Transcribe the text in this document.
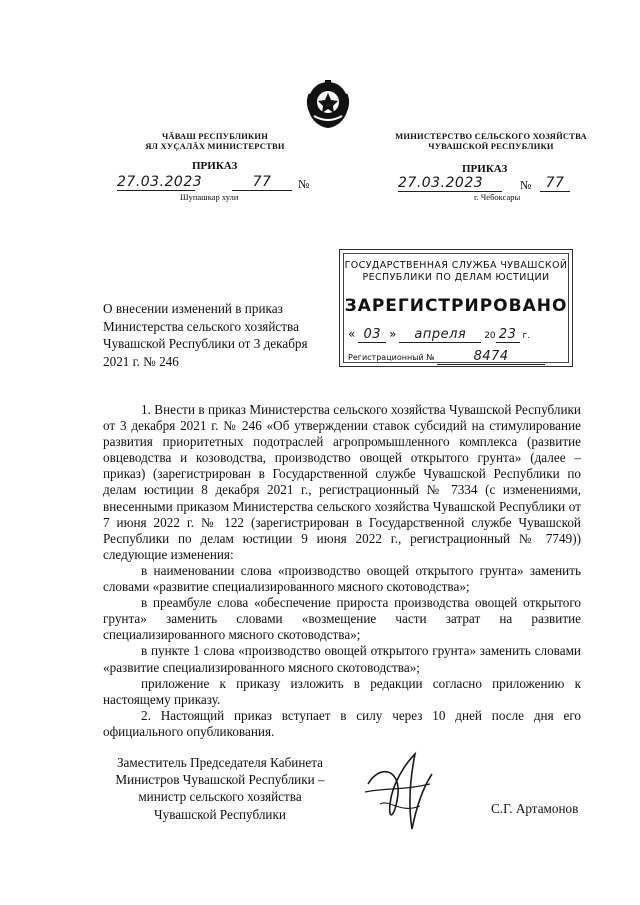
ЧĂВАШ РЕСПУБЛИКИН
ЯЛ ХУÇАЛĂХ МИНИСТЕРСТВИ
МИНИСТЕРСТВО СЕЛЬСКОГО ХОЗЯЙСТВА
ЧУВАШСКОЙ РЕСПУБЛИКИ
ПРИКАЗ
27.03.2023	77	№
Шупашкар хули
ПРИКАЗ
27.03.2023	№	77
г. Чебоксары
ГОСУДАРСТВЕННАЯ СЛУЖБА ЧУВАШСКОЙ
РЕСПУБЛИКИ ПО ДЕЛАМ ЮСТИЦИИ
ЗАРЕГИСТРИРОВАНО
« 03 » апреля 20 23 г.
Регистрационный №	8474
О внесении изменений в приказ
Министерства сельского хозяйства
Чувашской Республики от 3 декабря
2021 г. № 246

1. Внести в приказ Министерства сельского хозяйства Чувашской Республики от 3 декабря 2021 г. № 246 «Об утверждении ставок субсидий на стимулирование развития приоритетных подотраслей агропромышленного комплекса (развитие овцеводства и козоводства, производство овощей открытого грунта» (далее – приказ) (зарегистрирован в Государственной службе Чувашской Республики по делам юстиции 8 декабря 2021 г., регистрационный № 7334 (с изменениями, внесенными приказом Министерства сельского хозяйства Чувашской Республики от 7 июня 2022 г. № 122 (зарегистрирован в Государственной службе Чувашской Республики по делам юстиции 9 июня 2022 г., регистрационный № 7749)) следующие изменения:

в наименовании слова «производство овощей открытого грунта» заменить словами «развитие специализированного мясного скотоводства»;

в преамбуле слова «обеспечение прироста производства овощей открытого грунта» заменить словами «возмещение части затрат на развитие специализированного мясного скотоводства»;

в пункте 1 слова «производство овощей открытого грунта» заменить словами «развитие специализированного мясного скотоводства»;

приложение к приказу изложить в редакции согласно приложению к настоящему приказу.

2. Настоящий приказ вступает в силу через 10 дней после дня его официального опубликования.

Заместитель Председателя Кабинета
Министров Чувашской Республики –
министр сельского хозяйства
Чувашской Республики	С.Г. Артамонов
